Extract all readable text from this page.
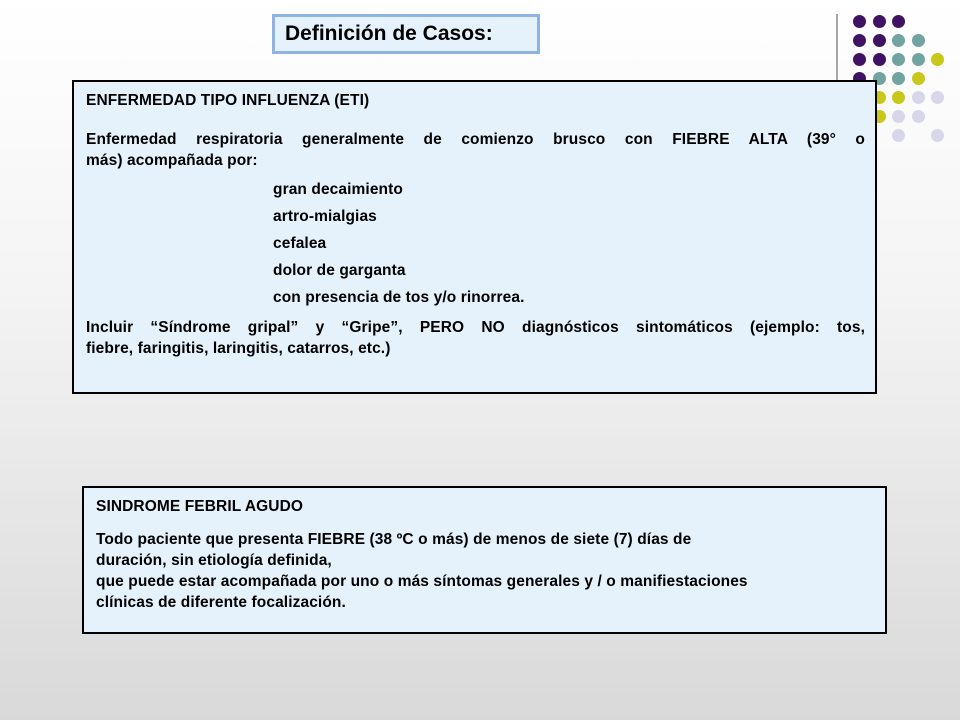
Definición de Casos:
ENFERMEDAD TIPO INFLUENZA (ETI)
Enfermedad respiratoria generalmente de comienzo brusco con FIEBRE ALTA (39° o
más) acompañada por:
gran decaimiento
artro-mialgias
cefalea
dolor de garganta
con presencia de tos y/o rinorrea.
Incluir “Síndrome gripal” y “Gripe”, PERO NO diagnósticos sintomáticos (ejemplo: tos,
fiebre, faringitis, laringitis, catarros, etc.)
SINDROME FEBRIL AGUDO
Todo paciente que presenta FIEBRE (38 ºC o más) de menos de siete (7) días de
duración, sin etiología definida,
que puede estar acompañada por uno o más síntomas generales y / o manifiestaciones
clínicas de diferente focalización.
